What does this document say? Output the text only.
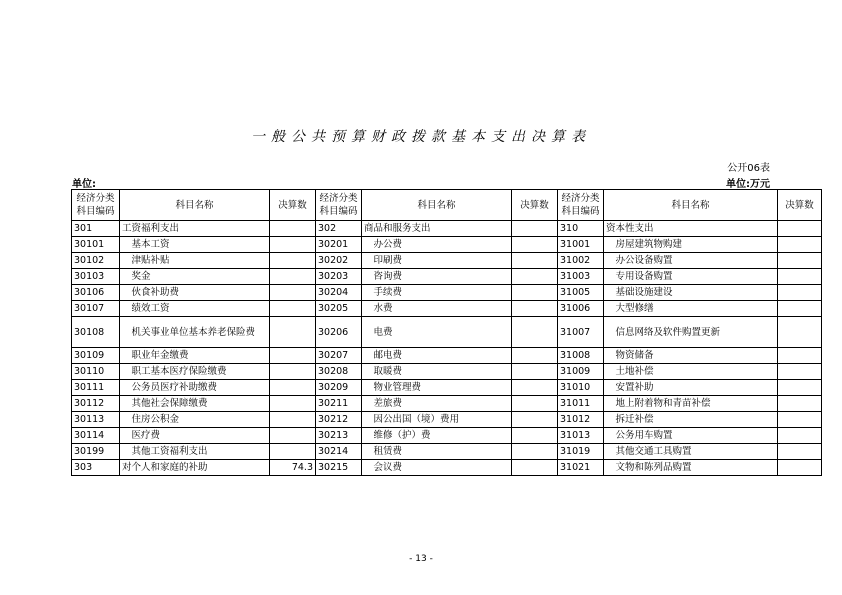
一般公共预算财政拨款基本支出决算表
公开06表
单位:	单位:万元
经济分类科目编码	科目名称	决算数	经济分类科目编码	科目名称	决算数	经济分类科目编码	科目名称	决算数
301	工资福利支出		302	商品和服务支出		310	资本性支出	
30101	　基本工资		30201	　办公费		31001	　房屋建筑物购建	
30102	　津贴补贴		30202	　印刷费		31002	　办公设备购置	
30103	　奖金		30203	　咨询费		31003	　专用设备购置	
30106	　伙食补助费		30204	　手续费		31005	　基础设施建设	
30107	　绩效工资		30205	　水费		31006	　大型修缮	
30108	　机关事业单位基本养老保险费		30206	　电费		31007	　信息网络及软件购置更新	
30109	　职业年金缴费		30207	　邮电费		31008	　物资储备	
30110	　职工基本医疗保险缴费		30208	　取暖费		31009	　土地补偿	
30111	　公务员医疗补助缴费		30209	　物业管理费		31010	　安置补助	
30112	　其他社会保障缴费		30211	　差旅费		31011	　地上附着物和青苗补偿	
30113	　住房公积金		30212	　因公出国（境）费用		31012	　拆迁补偿	
30114	　医疗费		30213	　维修（护）费		31013	　公务用车购置	
30199	　其他工资福利支出		30214	　租赁费		31019	　其他交通工具购置	
303	对个人和家庭的补助	74.3	30215	　会议费		31021	　文物和陈列品购置	
- 13 -
